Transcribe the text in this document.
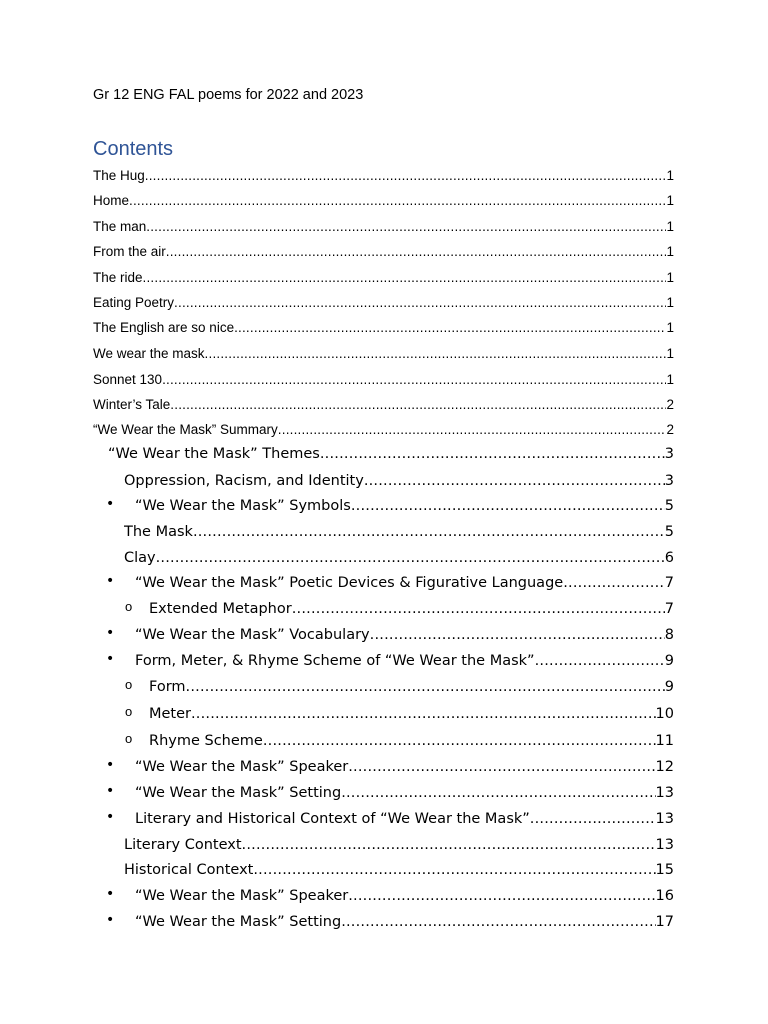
Gr 12 ENG FAL poems for 2022 and 2023
Contents
The Hug .....	1
Home .....	1
The man .....	1
From the air .....	1
The ride .....	1
Eating Poetry .....	1
The English are so nice .....	1
We wear the mask .....	1
Sonnet 130 .....	1
Winter’s Tale .....	2
“We Wear the Mask” Summary .....	2
“We Wear the Mask” Themes .....	3
Oppression, Racism, and Identity .....	3
• “We Wear the Mask” Symbols .....	5
The Mask .....	5
Clay .....	6
• “We Wear the Mask” Poetic Devices & Figurative Language .....	7
o Extended Metaphor .....	7
• “We Wear the Mask” Vocabulary .....	8
• Form, Meter, & Rhyme Scheme of “We Wear the Mask” .....	9
o Form .....	9
o Meter .....	10
o Rhyme Scheme .....	11
• “We Wear the Mask” Speaker .....	12
• “We Wear the Mask” Setting .....	13
• Literary and Historical Context of “We Wear the Mask” .....	13
Literary Context .....	13
Historical Context .....	15
• “We Wear the Mask” Speaker .....	16
• “We Wear the Mask” Setting .....	17
